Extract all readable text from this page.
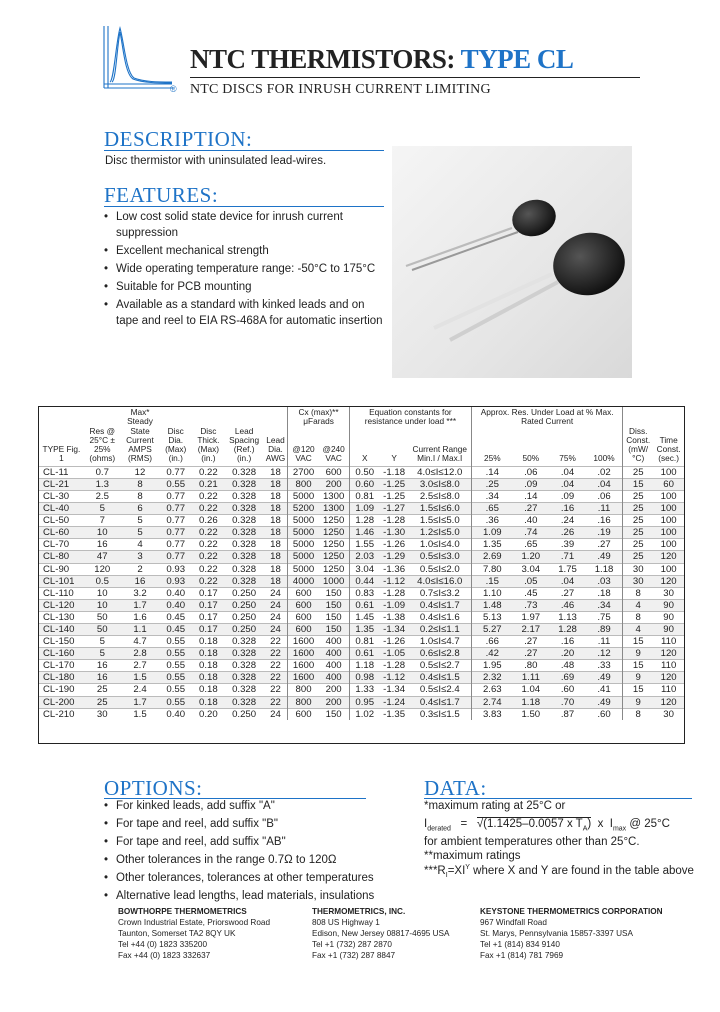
®
NTC THERMISTORS: TYPE CL
NTC DISCS FOR INRUSH CURRENT LIMITING
DESCRIPTION:
Disc thermistor with uninsulated lead-wires.
FEATURES:
• Low cost solid state device for inrush current
suppression
• Excellent mechanical strength
• Wide operating temperature range: -50°C to 175°C
• Suitable for PCB mounting
• Available as a standard with kinked leads and on
tape and reel to EIA RS-468A for automatic insertion
TYPE Fig. 1	Res @ 25°C ± 25% (ohms)	Max* Steady State Current AMPS (RMS)	Disc Dia. (Max) (in.)	Disc Thick. (Max) (in.)	Lead Spacing (Ref.) (in.)	Lead Dia. AWG	Cx (max)**
μFarads		Equation constants for resistance under load ***			Approx. Res. Under Load at % Max. Rated Current				Diss. Const. (mW/°C)	Time Const. (sec.)
							@120 VAC	@240 VAC	X	Y	Current Range Min.I / Max.I	25%	50%	75%	100%		
CL-11	0.7	12	0.77	0.22	0.328	18	2700	600	0.50	-1.18	4.0≤I≤12.0	.14	.06	.04	.02	25	100
CL-21	1.3	8	0.55	0.21	0.328	18	800	200	0.60	-1.25	3.0≤I≤8.0	.25	.09	.04	.04	15	60
CL-30	2.5	8	0.77	0.22	0.328	18	5000	1300	0.81	-1.25	2.5≤I≤8.0	.34	.14	.09	.06	25	100
CL-40	5	6	0.77	0.22	0.328	18	5200	1300	1.09	-1.27	1.5≤I≤6.0	.65	.27	.16	.11	25	100
CL-50	7	5	0.77	0.26	0.328	18	5000	1250	1.28	-1.28	1.5≤I≤5.0	.36	.40	.24	.16	25	100
CL-60	10	5	0.77	0.22	0.328	18	5000	1250	1.46	-1.30	1.2≤I≤5.0	1.09	.74	.26	.19	25	100
CL-70	16	4	0.77	0.22	0.328	18	5000	1250	1.55	-1.26	1.0≤I≤4.0	1.35	.65	.39	.27	25	100
CL-80	47	3	0.77	0.22	0.328	18	5000	1250	2.03	-1.29	0.5≤I≤3.0	2.69	1.20	.71	.49	25	120
CL-90	120	2	0.93	0.22	0.328	18	5000	1250	3.04	-1.36	0.5≤I≤2.0	7.80	3.04	1.75	1.18	30	100
CL-101	0.5	16	0.93	0.22	0.328	18	4000	1000	0.44	-1.12	4.0≤I≤16.0	.15	.05	.04	.03	30	120
CL-110	10	3.2	0.40	0.17	0.250	24	600	150	0.83	-1.28	0.7≤I≤3.2	1.10	.45	.27	.18	8	30
CL-120	10	1.7	0.40	0.17	0.250	24	600	150	0.61	-1.09	0.4≤I≤1.7	1.48	.73	.46	.34	4	90
CL-130	50	1.6	0.45	0.17	0.250	24	600	150	1.45	-1.38	0.4≤I≤1.6	5.13	1.97	1.13	.75	8	90
CL-140	50	1.1	0.45	0.17	0.250	24	600	150	1.35	-1.34	0.2≤I≤1.1	5.27	2.17	1.28	.89	4	90
CL-150	5	4.7	0.55	0.18	0.328	22	1600	400	0.81	-1.26	1.0≤I≤4.7	.66	.27	.16	.11	15	110
CL-160	5	2.8	0.55	0.18	0.328	22	1600	400	0.61	-1.05	0.6≤I≤2.8	.42	.27	.20	.12	9	120
CL-170	16	2.7	0.55	0.18	0.328	22	1600	400	1.18	-1.28	0.5≤I≤2.7	1.95	.80	.48	.33	15	110
CL-180	16	1.5	0.55	0.18	0.328	22	1600	400	0.98	-1.12	0.4≤I≤1.5	2.32	1.11	.69	.49	9	120
CL-190	25	2.4	0.55	0.18	0.328	22	800	200	1.33	-1.34	0.5≤I≤2.4	2.63	1.04	.60	.41	15	110
CL-200	25	1.7	0.55	0.18	0.328	22	800	200	0.95	-1.24	0.4≤I≤1.7	2.74	1.18	.70	.49	9	120
CL-210	30	1.5	0.40	0.20	0.250	24	600	150	1.02	-1.35	0.3≤I≤1.5	3.83	1.50	.87	.60	8	30
OPTIONS:
• For kinked leads, add suffix "A"
• For tape and reel, add suffix "B"
• For tape and reel, add suffix "AB"
• Other tolerances in the range 0.7Ω to 120Ω
• Other tolerances, tolerances at other temperatures
• Alternative lead lengths, lead materials, insulations
DATA:
*maximum rating at 25°C or
$I_{derated} = √(1.1425-0.0057$ x $T_A$) x $I_{max}$ @ 25°C
for ambient temperatures other than 25°C.
**maximum ratings
$***R_I=XI^Y$ where X and Y are found in the table above
BOWTHORPE THERMOMETRICS
Crown Industrial Estate, Priorswood Road
Taunton, Somerset TA2 8QY UK
Tel +44 (0) 1823 335200
Fax +44 (0) 1823 332637
THERMOMETRICS, INC.
808 US Highway 1
Edison, New Jersey 08817-4695 USA
Tel +1 (732) 287 2870
Fax +1 (732) 287 8847
KEYSTONE THERMOMETRICS CORPORATION
967 Windfall Road
St. Marys, Pennsylvania 15857-3397 USA
Tel +1 (814) 834 9140
Fax +1 (814) 781 7969
